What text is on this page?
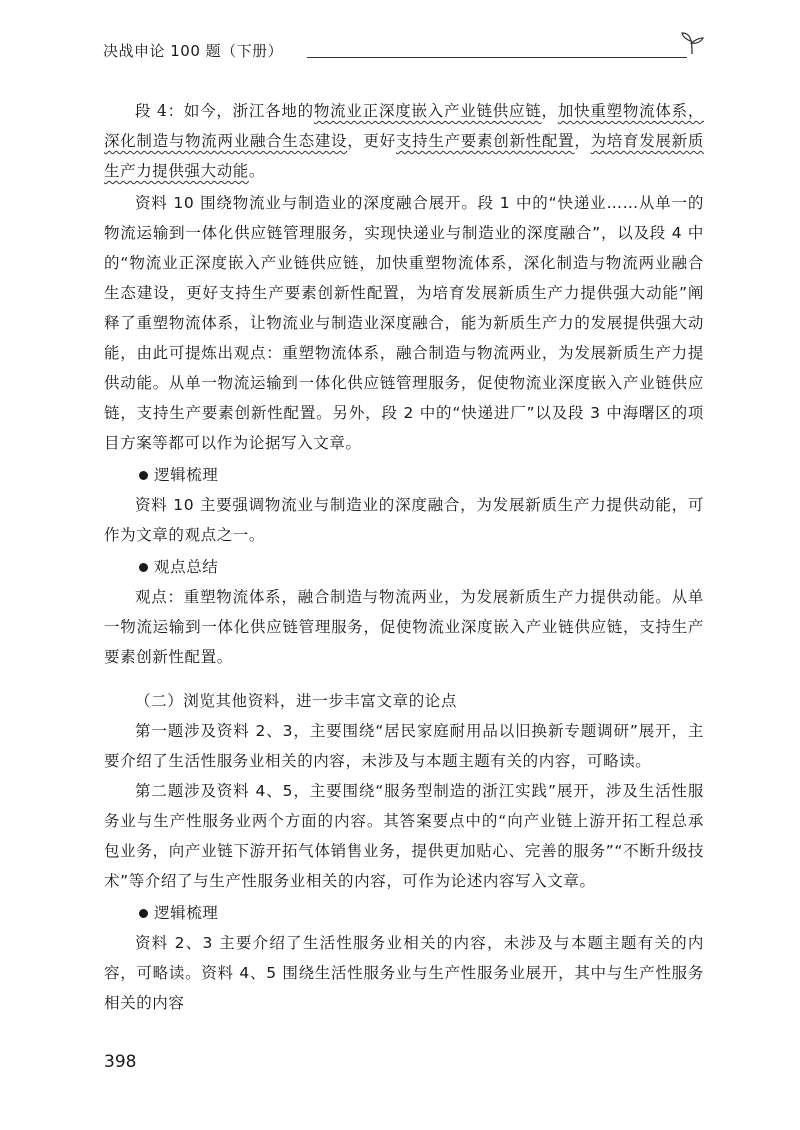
决战申论 100 题（下册）

段 4：如今，浙江各地的物流业正深度嵌入产业链供应链，加快重塑物流体系，深化制造与物流两业融合生态建设，更好支持生产要素创新性配置，为培育发展新质生产力提供强大动能。

资料 10 围绕物流业与制造业的深度融合展开。段 1 中的“快递业……从单一的物流运输到一体化供应链管理服务，实现快递业与制造业的深度融合”，以及段 4 中的“物流业正深度嵌入产业链供应链，加快重塑物流体系，深化制造与物流两业融合生态建设，更好支持生产要素创新性配置，为培育发展新质生产力提供强大动能”阐释了重塑物流体系，让物流业与制造业深度融合，能为新质生产力的发展提供强大动能，由此可提炼出观点：重塑物流体系，融合制造与物流两业，为发展新质生产力提供动能。从单一物流运输到一体化供应链管理服务，促使物流业深度嵌入产业链供应链，支持生产要素创新性配置。另外，段 2 中的“快递进厂”以及段 3 中海曙区的项目方案等都可以作为论据写入文章。

逻辑梳理

资料 10 主要强调物流业与制造业的深度融合，为发展新质生产力提供动能，可作为文章的观点之一。

观点总结

观点：重塑物流体系，融合制造与物流两业，为发展新质生产力提供动能。从单一物流运输到一体化供应链管理服务，促使物流业深度嵌入产业链供应链，支持生产要素创新性配置。

（二）浏览其他资料，进一步丰富文章的论点

第一题涉及资料 2、3，主要围绕“居民家庭耐用品以旧换新专题调研”展开，主要介绍了生活性服务业相关的内容，未涉及与本题主题有关的内容，可略读。

第二题涉及资料 4、5，主要围绕“服务型制造的浙江实践”展开，涉及生活性服务业与生产性服务业两个方面的内容。其答案要点中的“向产业链上游开拓工程总承包业务，向产业链下游开拓气体销售业务，提供更加贴心、完善的服务”“不断升级技术”等介绍了与生产性服务业相关的内容，可作为论述内容写入文章。

逻辑梳理

资料 2、3 主要介绍了生活性服务业相关的内容，未涉及与本题主题有关的内容，可略读。资料 4、5 围绕生活性服务业与生产性服务业展开，其中与生产性服务相关的内容

398
